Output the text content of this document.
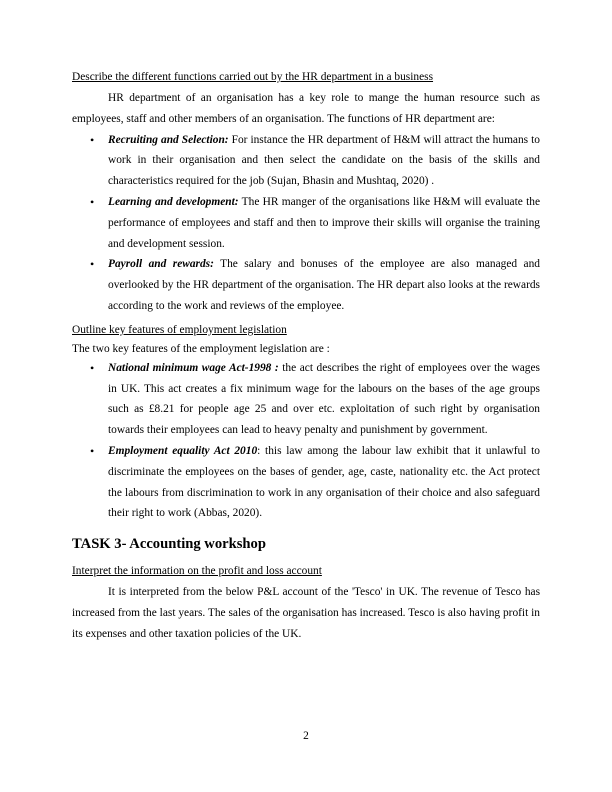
Describe the different functions carried out by the HR department in a business

HR department of an organisation has a key role to mange the human resource such as employees, staff and other members of an organisation. The functions of HR department are:

• Recruiting and Selection: For instance the HR department of H&M will attract the humans to work in their organisation and then select the candidate on the basis of the skills and characteristics required for the job (Sujan, Bhasin and Mushtaq, 2020) .
• Learning and development: The HR manger of the organisations like H&M will evaluate the performance of employees and staff and then to improve their skills will organise the training and development session.
• Payroll and rewards: The salary and bonuses of the employee are also managed and overlooked by the HR department of the organisation. The HR depart also looks at the rewards according to the work and reviews of the employee.

Outline key features of employment legislation

The two key features of the employment legislation are :

• National minimum wage Act-1998 : the act describes the right of employees over the wages in UK. This act creates a fix minimum wage for the labours on the bases of the age groups such as £8.21 for people age 25 and over etc. exploitation of such right by organisation towards their employees can lead to heavy penalty and punishment by government.
• Employment equality Act 2010: this law among the labour law exhibit that it unlawful to discriminate the employees on the bases of gender, age, caste, nationality etc. the Act protect the labours from discrimination to work in any organisation of their choice and also safeguard their right to work (Abbas, 2020).
TASK 3- Accounting workshop

Interpret the information on the profit and loss account

It is interpreted from the below P&L account of the 'Tesco' in UK. The revenue of Tesco has increased from the last years. The sales of the organisation has increased. Tesco is also having profit in its expenses and other taxation policies of the UK.

2
